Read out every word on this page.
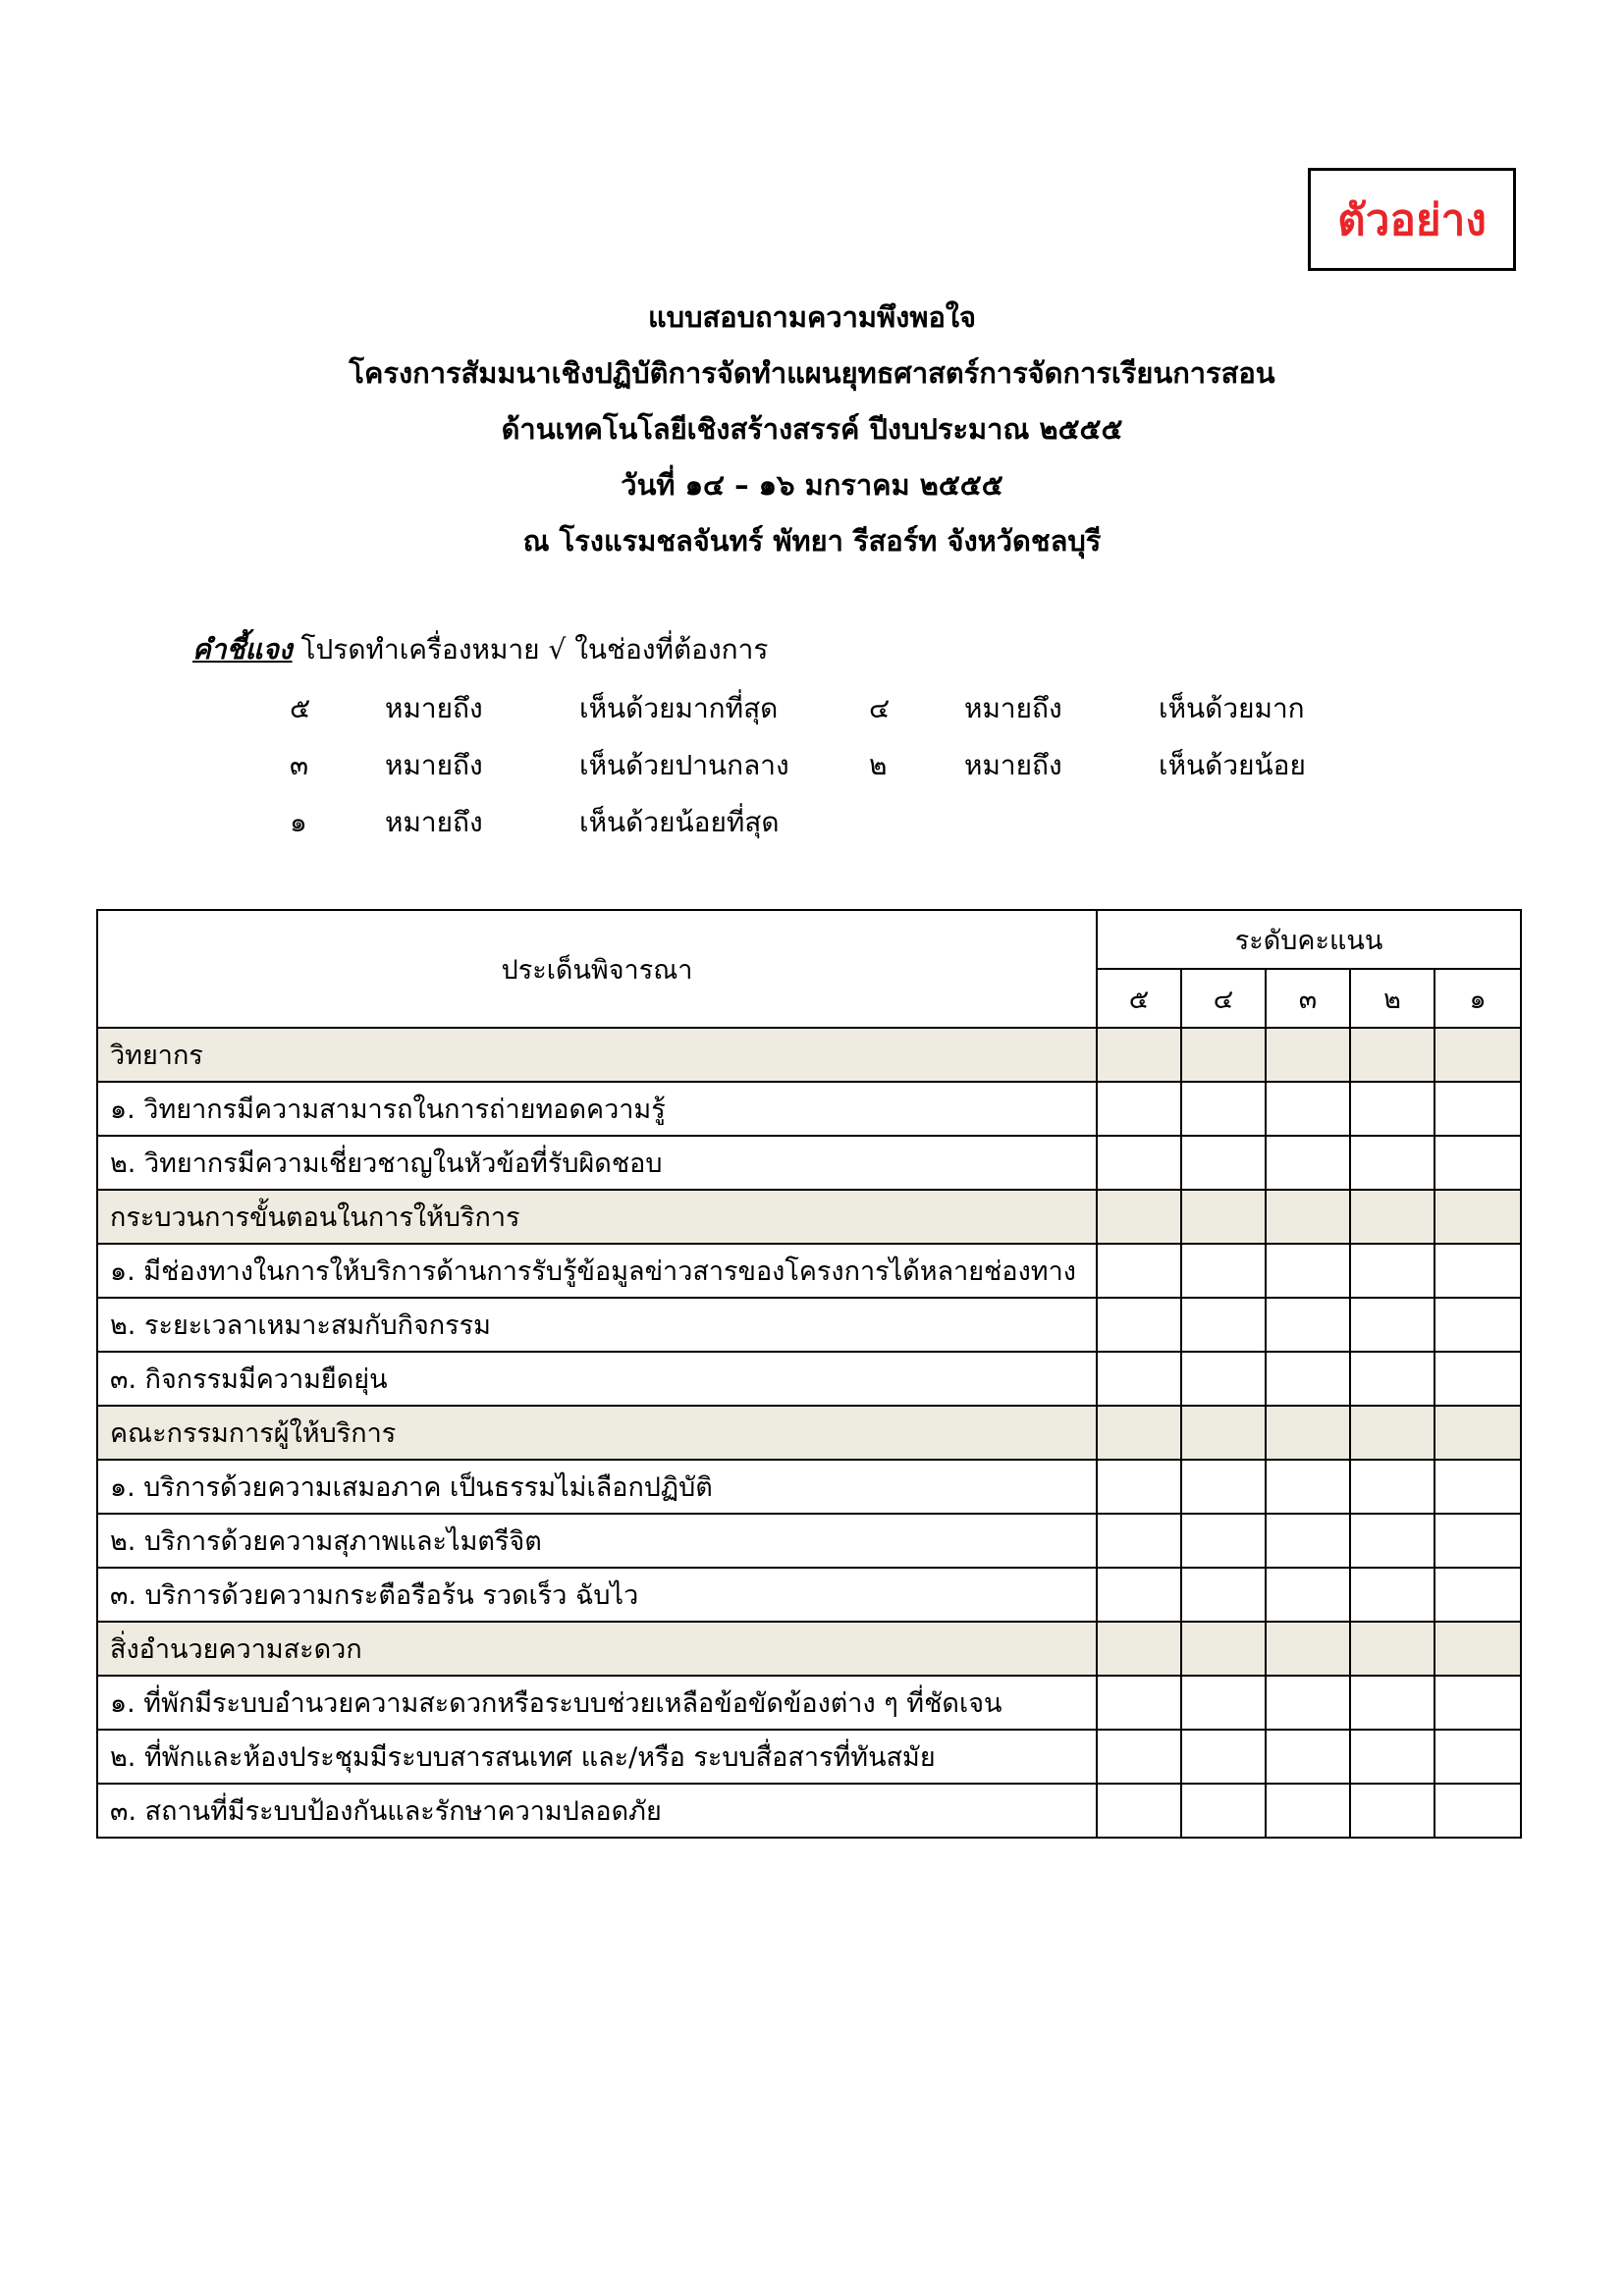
ตัวอย่าง
แบบสอบถามความพึงพอใจ
โครงการสัมมนาเชิงปฏิบัติการจัดทำแผนยุทธศาสตร์การจัดการเรียนการสอน
ด้านเทคโนโลยีเชิงสร้างสรรค์ ปีงบประมาณ ๒๕๕๕
วันที่ ๑๔ – ๑๖ มกราคม ๒๕๕๕
ณ โรงแรมชลจันทร์ พัทยา รีสอร์ท จังหวัดชลบุรี
คำชี้แจง โปรดทำเครื่องหมาย √ ในช่องที่ต้องการ
๕	หมายถึง	เห็นด้วยมากที่สุด	๔	หมายถึง	เห็นด้วยมาก
๓	หมายถึง	เห็นด้วยปานกลาง	๒	หมายถึง	เห็นด้วยน้อย
๑	หมายถึง	เห็นด้วยน้อยที่สุด
ประเด็นพิจารณา	ระดับคะแนน				
	๕	๔	๓	๒	๑
วิทยากร					
๑. วิทยากรมีความสามารถในการถ่ายทอดความรู้					
๒. วิทยากรมีความเชี่ยวชาญในหัวข้อที่รับผิดชอบ					
กระบวนการขั้นตอนในการให้บริการ					
๑. มีช่องทางในการให้บริการด้านการรับรู้ข้อมูลข่าวสารของโครงการได้หลายช่องทาง					
๒. ระยะเวลาเหมาะสมกับกิจกรรม					
๓. กิจกรรมมีความยืดยุ่น					
คณะกรรมการผู้ให้บริการ					
๑. บริการด้วยความเสมอภาค เป็นธรรมไม่เลือกปฏิบัติ					
๒. บริการด้วยความสุภาพและไมตรีจิต					
๓. บริการด้วยความกระตือรือร้น รวดเร็ว ฉับไว					
สิ่งอำนวยความสะดวก					
๑. ที่พักมีระบบอำนวยความสะดวกหรือระบบช่วยเหลือข้อขัดข้องต่าง ๆ ที่ชัดเจน					
๒. ที่พักและห้องประชุมมีระบบสารสนเทศ และ/หรือ ระบบสื่อสารที่ทันสมัย					
๓. สถานที่มีระบบป้องกันและรักษาความปลอดภัย					
